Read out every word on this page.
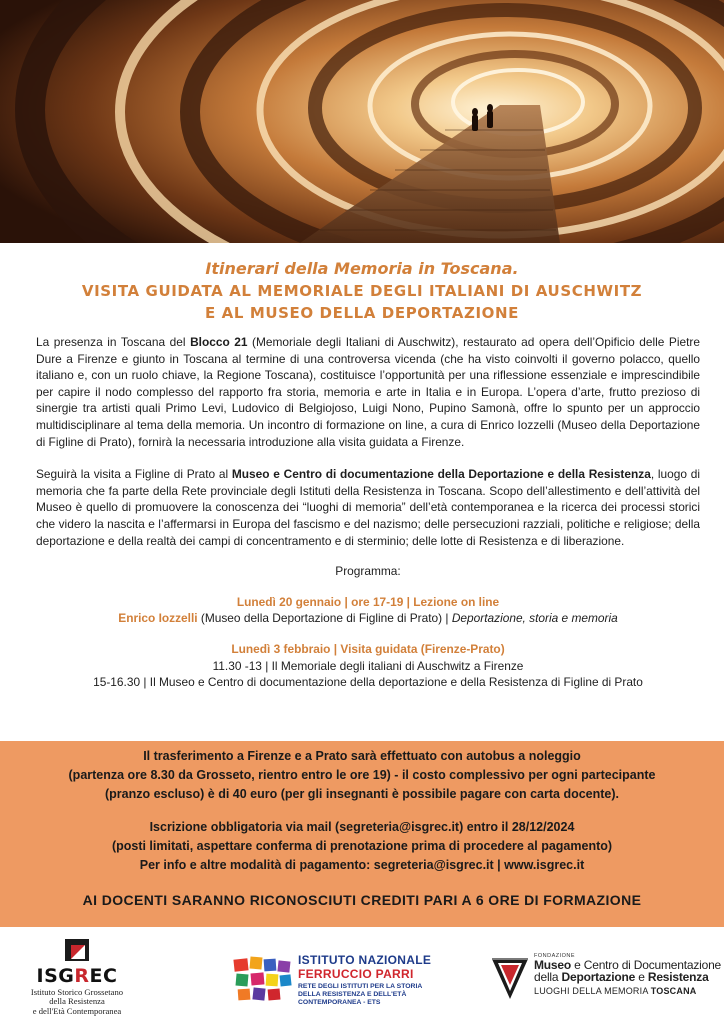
Itinerari della Memoria in Toscana.
VISITA GUIDATA AL MEMORIALE DEGLI ITALIANI DI AUSCHWITZ
E AL MUSEO DELLA DEPORTAZIONE

La presenza in Toscana del Blocco 21 (Memoriale degli Italiani di Auschwitz), restaurato ad opera dell’Opificio delle Pietre Dure a Firenze e giunto in Toscana al termine di una controversa vicenda (che ha visto coinvolti il governo polacco, quello italiano e, con un ruolo chiave, la Regione Toscana), costituisce l’opportunità per una riflessione essenziale e imprescindibile per capire il nodo complesso del rapporto fra storia, memoria e arte in Italia e in Europa. L’opera d’arte, frutto prezioso di sinergie tra artisti quali Primo Levi, Ludovico di Belgiojoso, Luigi Nono, Pupino Samonà, offre lo spunto per un approccio multidisciplinare al tema della memoria. Un incontro di formazione on line, a cura di Enrico Iozzelli (Museo della Deportazione di Figline di Prato), fornirà la necessaria introduzione alla visita guidata a Firenze.

Seguirà la visita a Figline di Prato al Museo e Centro di documentazione della Deportazione e della Resistenza, luogo di memoria che fa parte della Rete provinciale degli Istituti della Resistenza in Toscana. Scopo dell’allestimento e dell’attività del Museo è quello di promuovere la conoscenza dei “luoghi di memoria” dell’età contemporanea e la ricerca dei processi storici che videro la nascita e l’affermarsi in Europa del fascismo e del nazismo; delle persecuzioni razziali, politiche e religiose; della deportazione e della realtà dei campi di concentramento e di sterminio; delle lotte di Resistenza e di liberazione.

Programma:
Lunedì 20 gennaio | ore 17-19 | Lezione on line
Enrico Iozzelli (Museo della Deportazione di Figline di Prato) | Deportazione, storia e memoria
Lunedì 3 febbraio | Visita guidata (Firenze-Prato)
11.30 -13 | Il Memoriale degli italiani di Auschwitz a Firenze
15-16.30 | Il Museo e Centro di documentazione della deportazione e della Resistenza di Figline di Prato
Il trasferimento a Firenze e a Prato sarà effettuato con autobus a noleggio
(partenza ore 8.30 da Grosseto, rientro entro le ore 19) - il costo complessivo per ogni partecipante
(pranzo escluso) è di 40 euro (per gli insegnanti è possibile pagare con carta docente).
Iscrizione obbligatoria via mail (segreteria@isgrec.it) entro il 28/12/2024
(posti limitati, aspettare conferma di prenotazione prima di procedere al pagamento)
Per info e altre modalità di pagamento: segreteria@isgrec.it | www.isgrec.it
AI DOCENTI SARANNO RICONOSCIUTI CREDITI PARI A 6 ORE DI FORMAZIONE
ISGREC
Istituto Storico Grossetano
della Resistenza
e dell'Età Contemporanea
ISTITUTO NAZIONALE
FERRUCCIO PARRI
RETE DEGLI ISTITUTI PER LA STORIA DELLA RESISTENZA E DELL'ETÀ CONTEMPORANEA - ETS
FONDAZIONE
Museo e Centro di Documentazione
della Deportazione e Resistenza
LUOGHI DELLA MEMORIA TOSCANA
